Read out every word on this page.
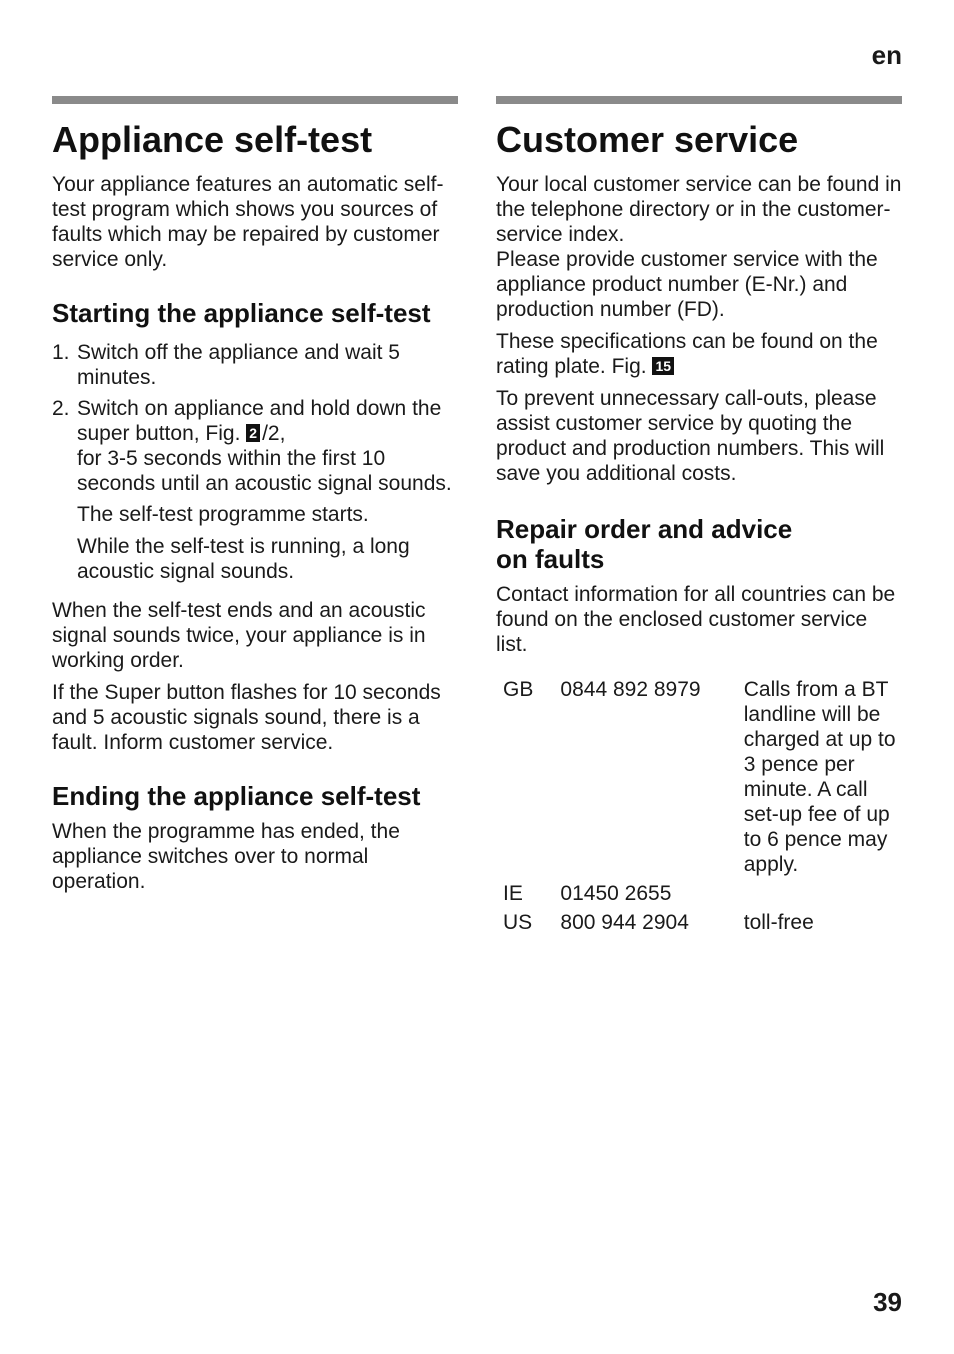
en
Appliance self-test

Your appliance features an automatic self-test program which shows you sources of faults which may be repaired by customer service only.

Starting the appliance self-test
1. Switch off the appliance and wait 5 minutes.
2. Switch on appliance and hold down the super button, Fig. 2 /2,
for 3-5 seconds within the first 10 seconds until an acoustic signal sounds.

The self-test programme starts.

While the self-test is running, a long acoustic signal sounds.

When the self-test ends and an acoustic signal sounds twice, your appliance is in working order.

If the Super button flashes for 10 seconds and 5 acoustic signals sound, there is a fault. Inform customer service.

Ending the appliance self-test

When the programme has ended, the appliance switches over to normal operation.

Customer service

Your local customer service can be found in the telephone directory or in the customer-service index.

Please provide customer service with the appliance product number (E-Nr.) and production number (FD).

These specifications can be found on the rating plate. Fig. 15

To prevent unnecessary call-outs, please assist customer service by quoting the product and production numbers. This will save you additional costs.

Repair order and advice
on faults

Contact information for all countries can be found on the enclosed customer service list.

GB	0844 892 8979	Calls from a BT landline will be charged at up to 3 pence per minute. A call set-up fee of up to 6 pence may apply.
IE	01450 2655	
US	800 944 2904	toll-free
39
